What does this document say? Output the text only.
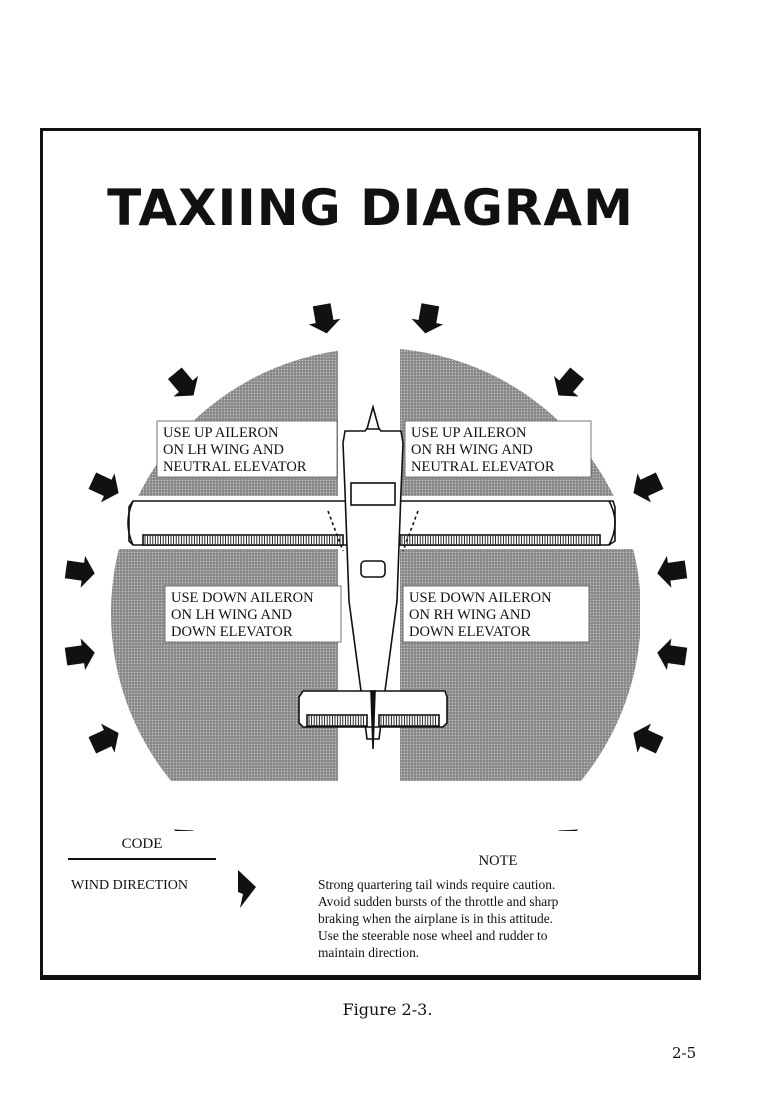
TAXIING DIAGRAM
USE UP AILERON
ON LH WING AND
NEUTRAL ELEVATOR
USE UP AILERON
ON RH WING AND
NEUTRAL ELEVATOR
USE DOWN AILERON
ON LH WING AND
DOWN ELEVATOR
USE DOWN AILERON
ON RH WING AND
DOWN ELEVATOR
CODE
WIND DIRECTION
NOTE
Strong quartering tail winds require caution.
Avoid sudden bursts of the throttle and sharp
braking when the airplane is in this attitude.
Use the steerable nose wheel and rudder to
maintain direction.
Figure 2-3.
2-5
